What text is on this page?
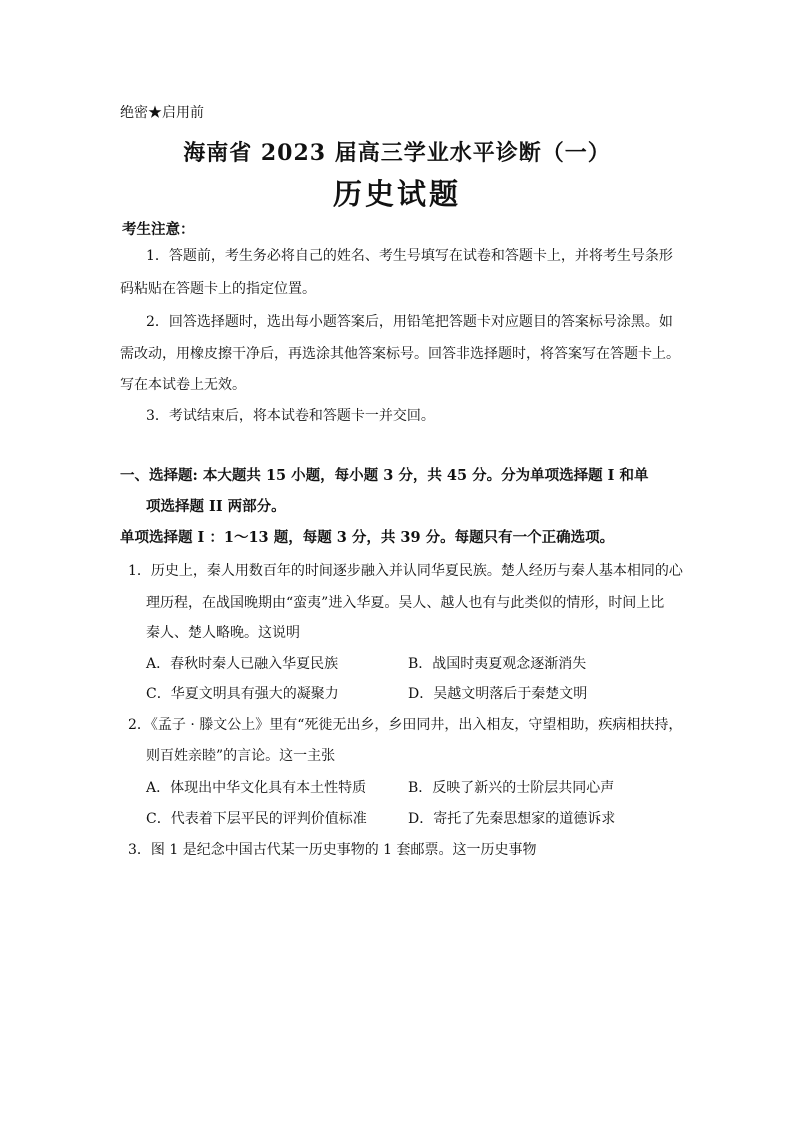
绝密★启用前
海南省 2023 届高三学业水平诊断（一）
历史试题
考生注意：
1．答题前，考生务必将自己的姓名、考生号填写在试卷和答题卡上，并将考生号条形
码粘贴在答题卡上的指定位置。
2．回答选择题时，选出每小题答案后，用铅笔把答题卡对应题目的答案标号涂黑。如
需改动，用橡皮擦干净后，再选涂其他答案标号。回答非选择题时，将答案写在答题卡上。
写在本试卷上无效。
3．考试结束后，将本试卷和答题卡一并交回。
一、选择题: 本大题共 15 小题，每小题 3 分，共 45 分。分为单项选择题 I 和单
项选择题 II 两部分。
单项选择题 I ：1～13 题，每题 3 分，共 39 分。每题只有一个正确选项。
1．历史上，秦人用数百年的时间逐步融入并认同华夏民族。楚人经历与秦人基本相同的心
理历程，在战国晚期由“蛮夷”进入华夏。吴人、越人也有与此类似的情形，时间上比
秦人、楚人略晚。这说明
A．春秋时秦人已融入华夏民族	B．战国时夷夏观念逐渐消失
C．华夏文明具有强大的凝聚力	D．吴越文明落后于秦楚文明
2．《孟子 · 滕文公上》里有“死徙无出乡，乡田同井，出入相友，守望相助，疾病相扶持，
则百姓亲睦”的言论。这一主张
A．体现出中华文化具有本土性特质	B．反映了新兴的士阶层共同心声
C．代表着下层平民的评判价值标准	D．寄托了先秦思想家的道德诉求
3．图 1 是纪念中国古代某一历史事物的 1 套邮票。这一历史事物
